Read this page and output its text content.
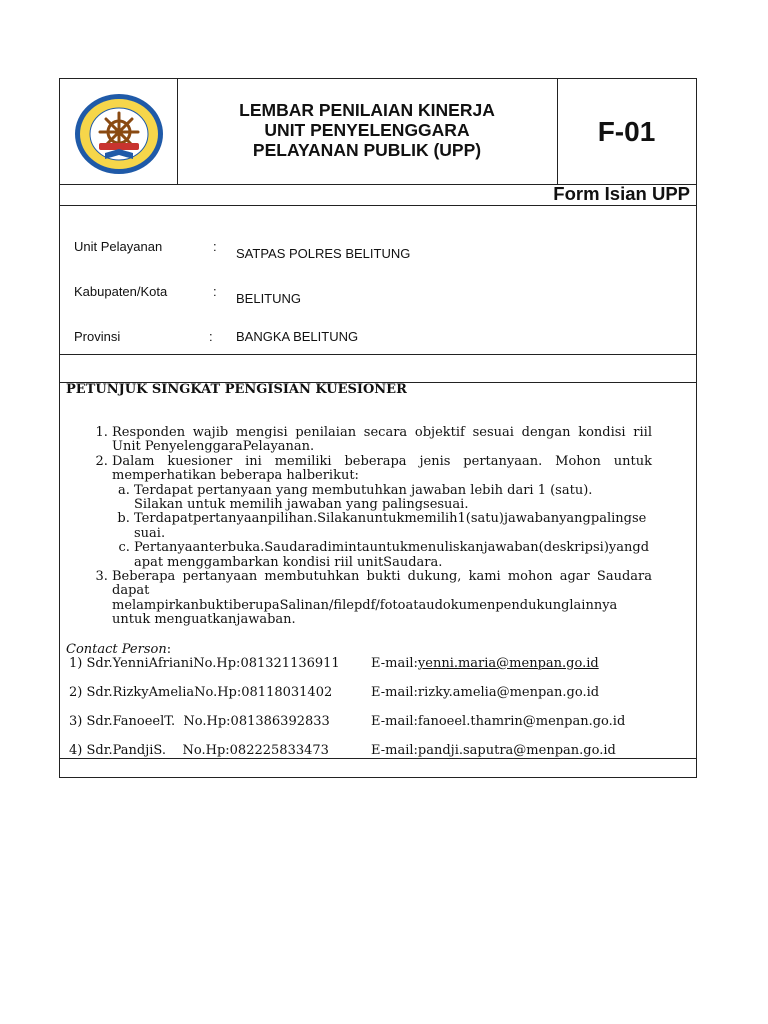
LEMBAR PENILAIAN KINERJA
UNIT PENYELENGGARA
PELAYANAN PUBLIK (UPP)
F-01
Form Isian UPP
Unit Pelayanan	: SATPAS POLRES BELITUNG
Kabupaten/Kota	: BELITUNG
Provinsi	: BANGKA BELITUNG
PETUNJUK SINGKAT PENGISIAN KUESIONER
1. Responden wajib mengisi penilaian secara objektif sesuai dengan kondisi riil Unit PenyelenggaraPelayanan.
2. Dalam kuesioner ini memiliki beberapa jenis pertanyaan. Mohon untuk memperhatikan beberapa halberikut:
a. Terdapat pertanyaan yang membutuhkan jawaban lebih dari 1 (satu).
Silakan untuk memilih jawaban yang palingsesuai.
b. Terdapatpertanyaanpilihan.Silakanuntukmemilih1(satu)jawabanyangpalingsesuai.
c. Pertanyaanterbuka.Saudaradimintauntukmenuliskanjawaban(deskripsi)yangdapat menggambarkan kondisi riil unitSaudara.
3. Beberapa pertanyaan membutuhkan bukti dukung, kami mohon agar Saudara dapat melampirkanbuktiberupaSalinan/filepdf/fotoataudokumenpendukunglainnya untuk menguatkanjawaban.
Contact Person:
1) Sdr.YenniAfrianiNo.Hp:081321136911 E-mail:yenni.maria@menpan.go.id
2) Sdr.RizkyAmeliaNo.Hp:08118031402	E-mail:rizky.amelia@menpan.go.id
3) Sdr.FanoeelT.  No.Hp:081386392833	E-mail:fanoeel.thamrin@menpan.go.id
4) Sdr.PandjiS.    No.Hp:082225833473	E-mail:pandji.saputra@menpan.go.id
